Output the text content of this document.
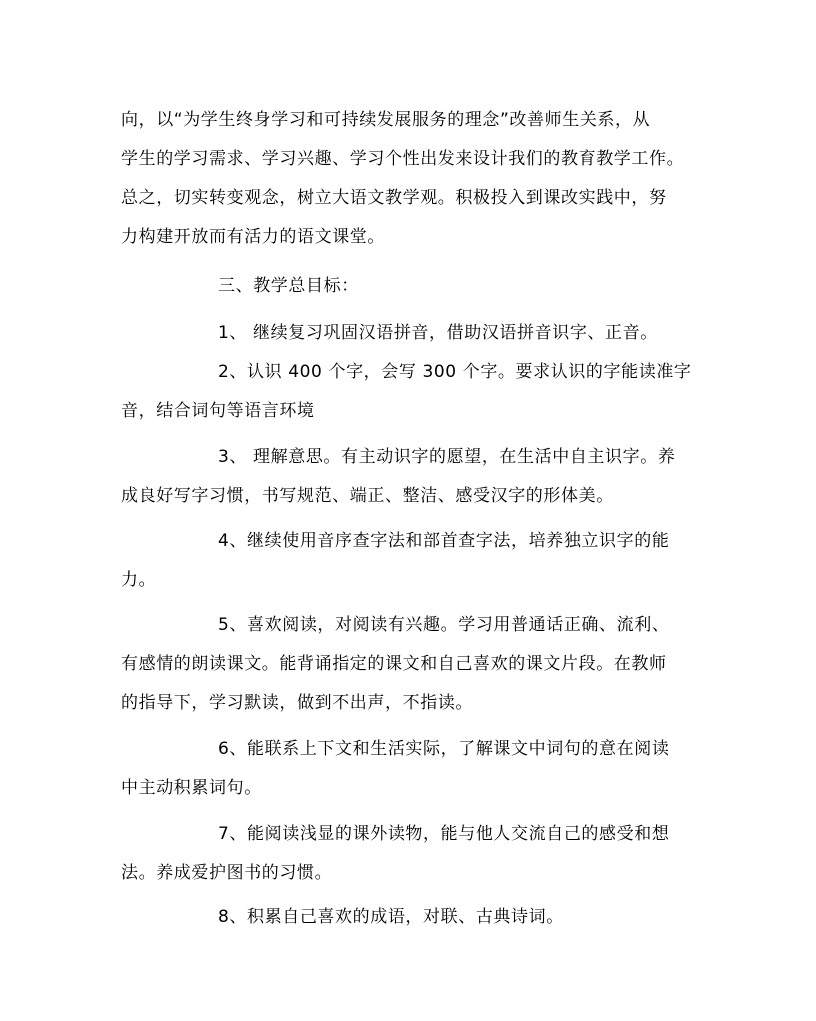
向，以“为学生终身学习和可持续发展服务的理念”改善师生关系，从
学生的学习需求、学习兴趣、学习个性出发来设计我们的教育教学工作。
总之，切实转变观念，树立大语文教学观。积极投入到课改实践中，努
力构建开放而有活力的语文课堂。
三、教学总目标：
1、 继续复习巩固汉语拼音，借助汉语拼音识字、正音。
2、认识 400 个字，会写 300 个字。要求认识的字能读准字
音，结合词句等语言环境
3、 理解意思。有主动识字的愿望，在生活中自主识字。养
成良好写字习惯，书写规范、端正、整洁、感受汉字的形体美。
4、继续使用音序查字法和部首查字法，培养独立识字的能
力。
5、喜欢阅读，对阅读有兴趣。学习用普通话正确、流利、
有感情的朗读课文。能背诵指定的课文和自己喜欢的课文片段。在教师
的指导下，学习默读，做到不出声，不指读。
6、能联系上下文和生活实际，了解课文中词句的意在阅读
中主动积累词句。
7、能阅读浅显的课外读物，能与他人交流自己的感受和想
法。养成爱护图书的习惯。
8、积累自己喜欢的成语，对联、古典诗词。
